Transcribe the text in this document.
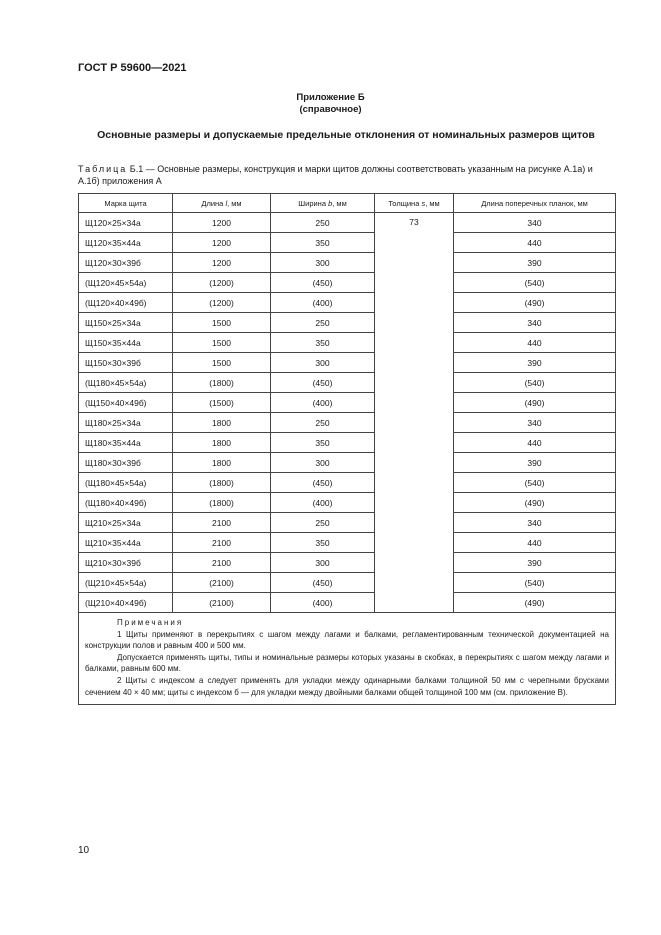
ГОСТ Р 59600—2021
Приложение Б
(справочное)
Основные размеры и допускаемые предельные отклонения от номинальных размеров щитов
Таблица Б.1 — Основные размеры, конструкция и марки щитов должны соответствовать указанным на рисунке А.1а) и А.1б) приложения А
Марка щита	Длина l, мм	Ширина b, мм	Толщина s, мм	Длина поперечных планок, мм
Щ120×25×34а	1200	250	73	340
Щ120×35×44а	1200	350		440
Щ120×30×39б	1200	300		390
(Щ120×45×54а)	(1200)	(450)		(540)
(Щ120×40×49б)	(1200)	(400)		(490)
Щ150×25×34а	1500	250		340
Щ150×35×44а	1500	350		440
Щ150×30×39б	1500	300		390
(Щ180×45×54а)	(1800)	(450)		(540)
(Щ150×40×49б)	(1500)	(400)		(490)
Щ180×25×34а	1800	250		340
Щ180×35×44а	1800	350		440
Щ180×30×39б	1800	300		390
(Щ180×45×54а)	(1800)	(450)		(540)
(Щ180×40×49б)	(1800)	(400)		(490)
Щ210×25×34а	2100	250		340
Щ210×35×44а	2100	350		440
Щ210×30×39б	2100	300		390
(Щ210×45×54а)	(2100)	(450)		(540)
(Щ210×40×49б)	(2100)	(400)		(490)

Примечания

1 Щиты применяют в перекрытиях с шагом между лагами и балками, регламентированным технической документацией на конструкции полов и равным 400 и 500 мм.

Допускается применять щиты, типы и номинальные размеры которых указаны в скобках, в перекрытиях с шагом между лагами и балками, равным 600 мм.

2 Щиты с индексом а следует применять для укладки между одинарными балками толщиной 50 мм с черепными брусками сечением 40 × 40 мм; щиты с индексом б — для укладки между двойными балками общей толщиной 100 мм (см. приложение В).				

10
